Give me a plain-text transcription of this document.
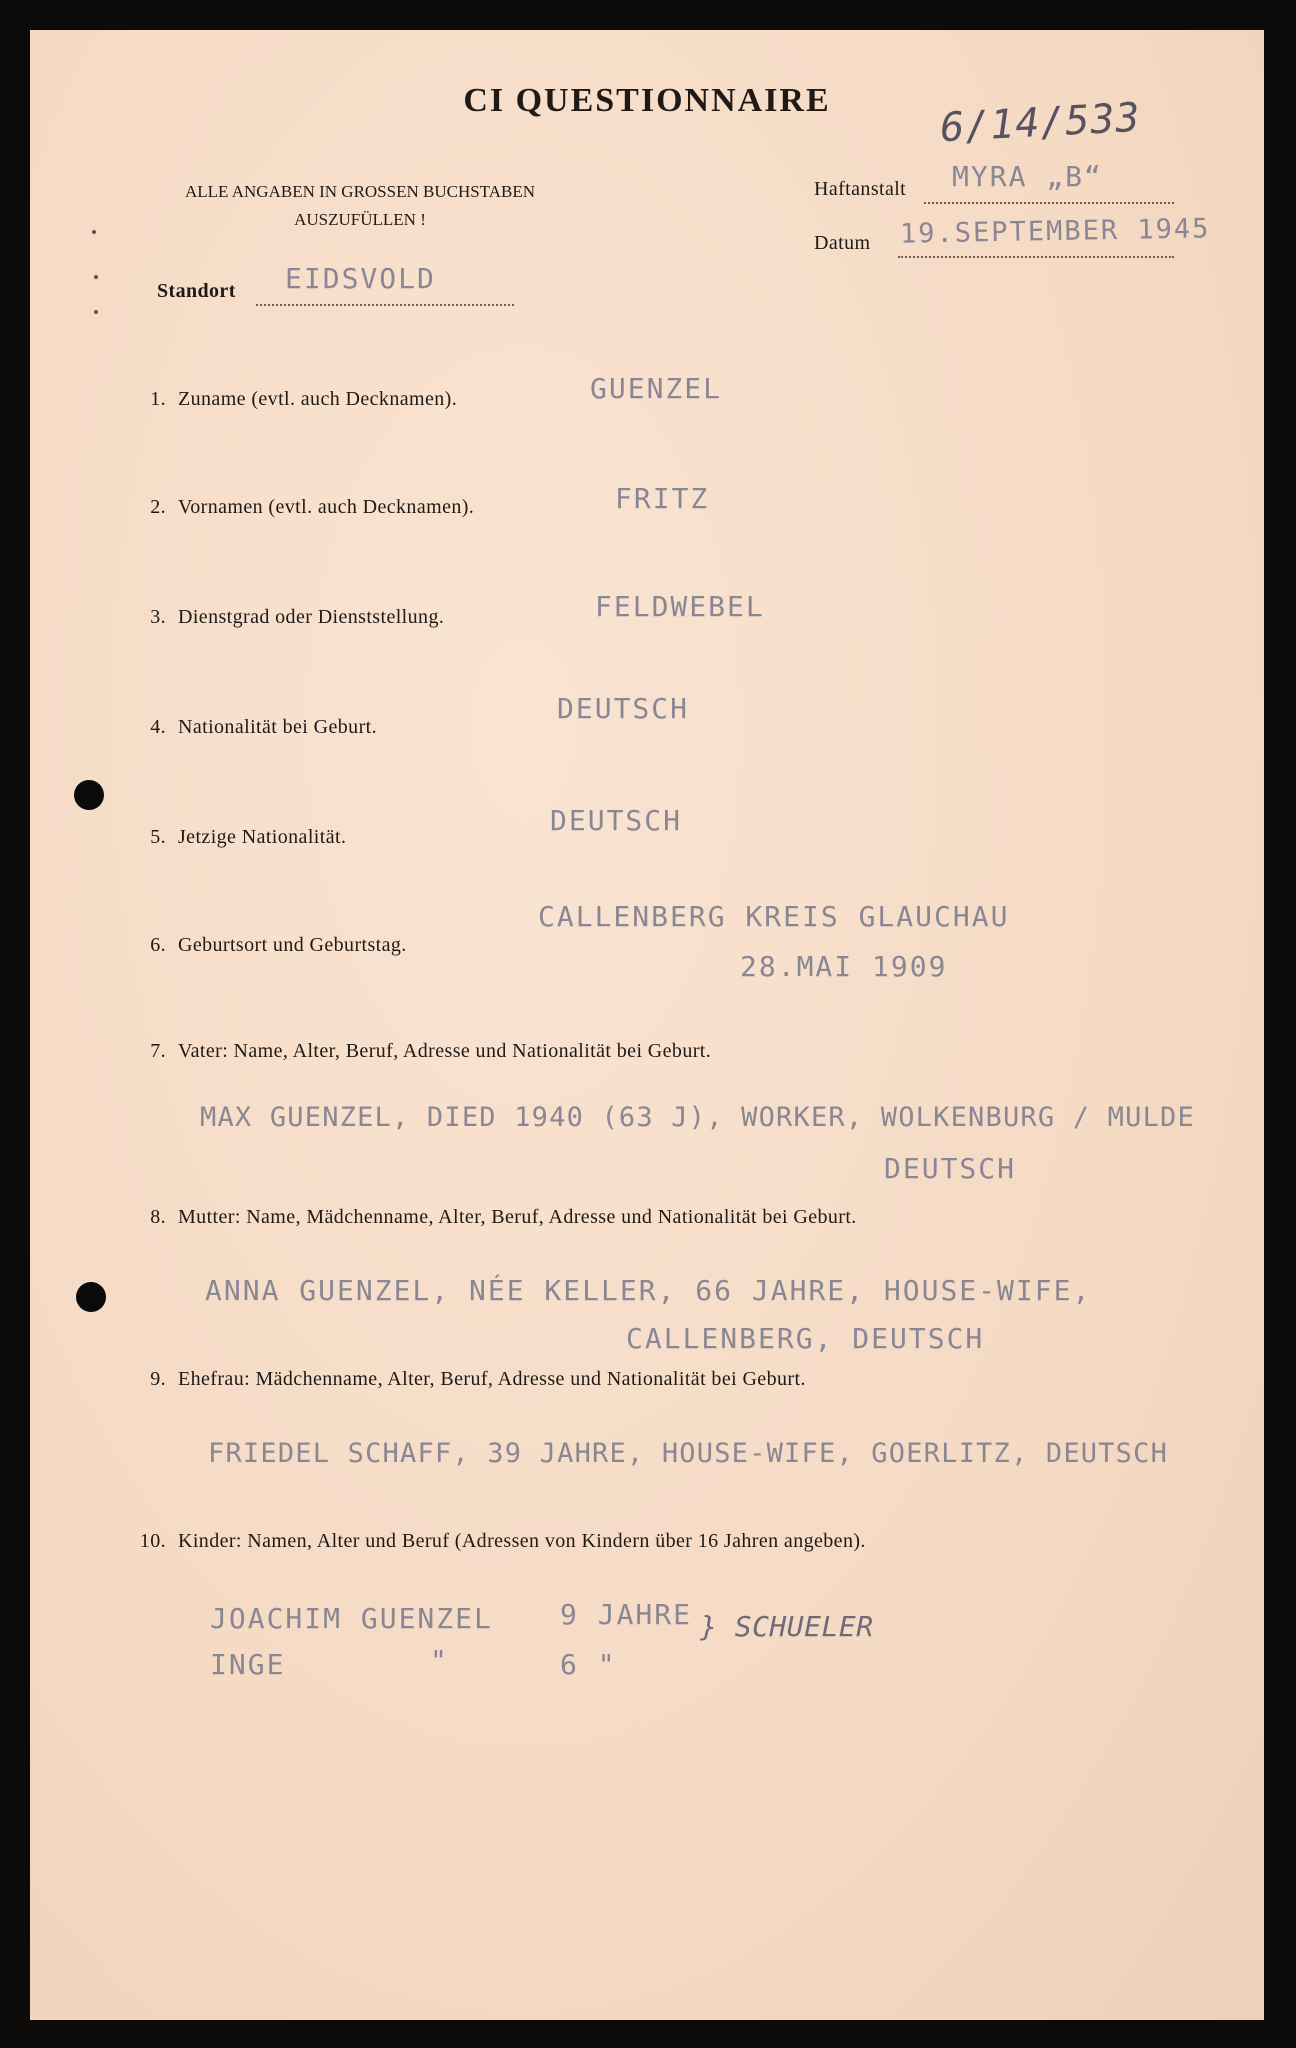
CI QUESTIONNAIRE	6/14/533
ALLE ANGABEN IN GROSSEN BUCHSTABEN
AUSZUFÜLLEN !
Haftanstalt MYRA „B“
Datum 19.SEPTEMBER 1945
Standort EIDSVOLD
1. Zuname (evtl. auch Decknamen).	GUENZEL
2. Vornamen (evtl. auch Decknamen).	FRITZ
3. Dienstgrad oder Dienststellung.	FELDWEBEL
4. Nationalität bei Geburt.
DEUTSCH
5. Jetzige Nationalität.	DEUTSCH
6. Geburtsort und Geburtstag.
CALLENBERG KREIS GLAUCHAU
28.MAI 1909
7. Vater: Name, Alter, Beruf, Adresse und Nationalität bei Geburt.
MAX GUENZEL, DIED 1940 (63 J), WORKER, WOLKENBURG / MULDE
DEUTSCH
8. Mutter: Name, Mädchenname, Alter, Beruf, Adresse und Nationalität bei Geburt.
ANNA GUENZEL, NÉE KELLER, 66 JAHRE, HOUSE-WIFE,
CALLENBERG, DEUTSCH
9. Ehefrau: Mädchenname, Alter, Beruf, Adresse und Nationalität bei Geburt.
FRIEDEL SCHAFF, 39 JAHRE, HOUSE-WIFE, GOERLITZ, DEUTSCH
10. Kinder: Namen, Alter und Beruf (Adressen von Kindern über 16 Jahren angeben).
JOACHIM GUENZEL 9 JAHRE
INGE	"	6 "
} SCHUELER
